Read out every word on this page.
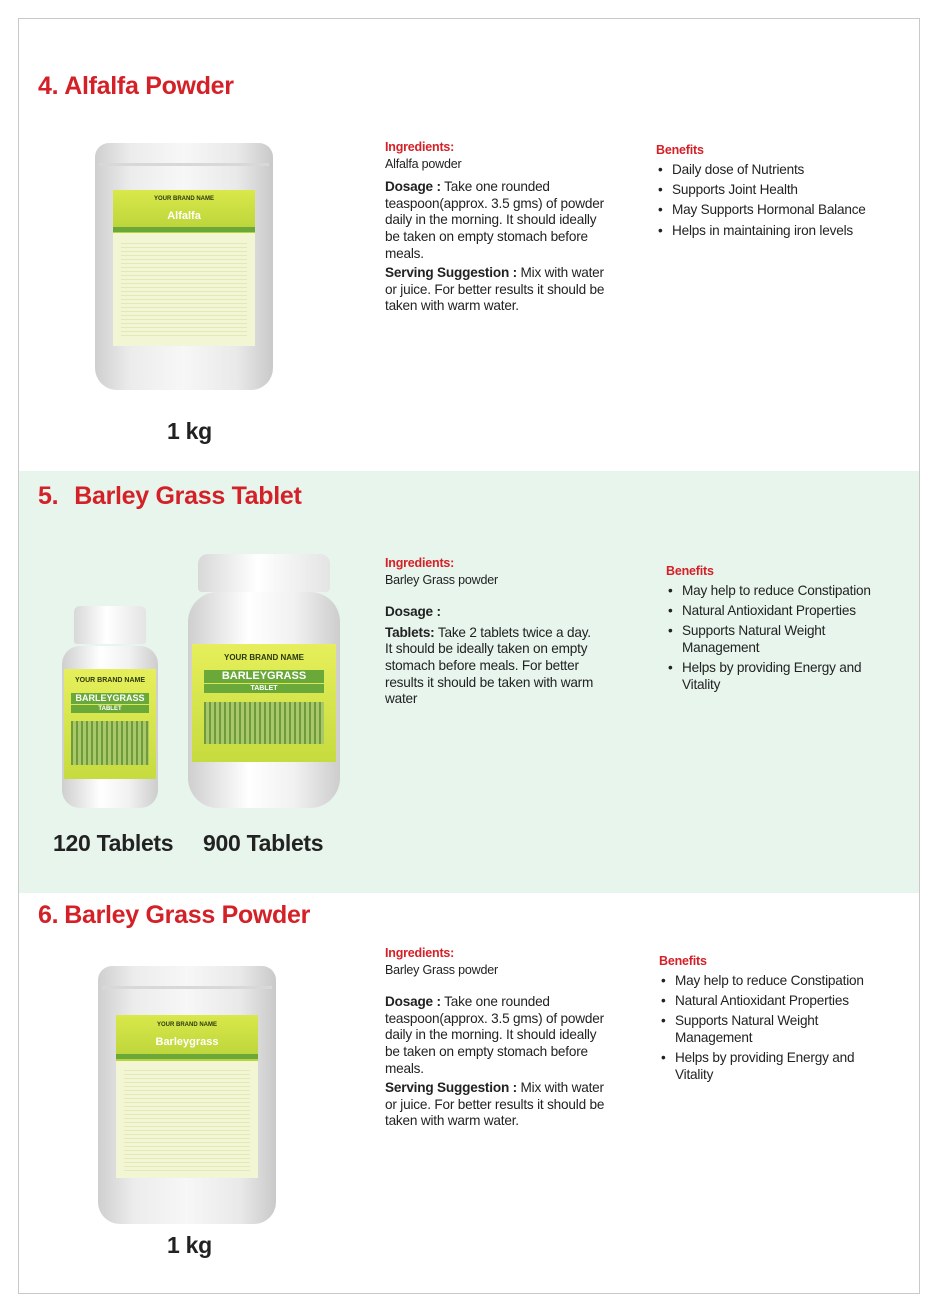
4. Alfalfa Powder
YOUR BRAND NAME
Alfalfa
1 kg

Ingredients:

Alfalfa powder

Dosage : Take one rounded teaspoon(approx. 3.5 gms) of powder daily in the morning. It should ideally be taken on empty stomach before meals.

Serving Suggestion : Mix with water or juice. For better results it should be taken with warm water.

Benefits

• Daily dose of Nutrients
• Supports Joint Health
• May Supports Hormonal Balance
• Helps in maintaining iron levels
5. Barley Grass Tablet
YOUR BRAND NAME
BARLEYGRASS
TABLET
YOUR BRAND NAME
BARLEYGRASS
TABLET
120 Tablets 900 Tablets

Ingredients:

Barley Grass powder

Dosage :

Tablets: Take 2 tablets twice a day. It should be ideally taken on empty stomach before meals. For better results it should be taken with warm water

Benefits

• May help to reduce Constipation
• Natural Antioxidant Properties
• Supports Natural Weight Management
• Helps by providing Energy and Vitality
6. Barley Grass Powder
YOUR BRAND NAME
Barleygrass
1 kg

Ingredients:

Barley Grass powder

Dosage : Take one rounded teaspoon(approx. 3.5 gms) of powder daily in the morning. It should ideally be taken on empty stomach before meals.

Serving Suggestion : Mix with water or juice. For better results it should be taken with warm water.

Benefits

• May help to reduce Constipation
• Natural Antioxidant Properties
• Supports Natural Weight Management
• Helps by providing Energy and Vitality
